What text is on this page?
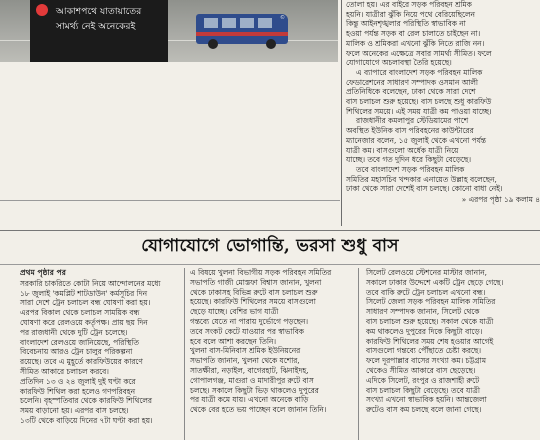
আকাশপথে যাতায়াতের
সামর্থ্য নেই অনেকেরই
©

তোলা হয়। এর বাইরে সড়ক পরিবহন শ্রমিক

হয়নি। যাত্রীরা ঝুঁকি নিয়ে পথে বেরিয়েছিলেন

কিন্তু আইনশৃঙ্খলার পরিস্থিতি স্বাভাবিক না

হওয়া পর্যন্ত সড়ক বা রেল চালাতে চাইছেন না।

মালিক ও শ্রমিকরা এখনো ঝুঁকি নিতে রাজি নন।

ফলে অনেকের এক্ষেত্রে সবার সামর্থ্য সীমিত। ফলে

যোগাযোগে অচলাবস্থা তৈরি হয়েছে।

এ ব্যাপারে বাংলাদেশ সড়ক পরিবহন মালিক

ফেডারেশনের সাধারণ সম্পাদক ওসমান আলী

প্রতিনিধিকে বলেছেন, ঢাকা থেকে সারা দেশে

বাস চলাচল শুরু হয়েছে। বাস চলছে শুধু কারফিউ

শিথিলের সময়ে। এই সময় যাত্রী কম পাওয়া যাচ্ছে।

রাজধানীর কমলাপুর স্টেডিয়ামের পাশে

অবস্থিত ইউনিক বাস পরিবহনের কাউন্টারের

ম্যানেজার বলেন, ১৫ জুলাই থেকে এখনো পর্যন্ত

যাত্রী কম। বাসগুলো অর্ধেক যাত্রী নিয়ে

যাচ্ছে। তবে গত দুদিন ধরে কিছুটা বেড়েছে।

তবে বাংলাদেশ সড়ক পরিবহন মালিক

সমিতির মহাসচিব খন্দকার এনায়েত উল্লাহ বলেছেন,

ঢাকা থেকে সারা দেশেই বাস চলছে। কোনো বাধা নেই।

» এরপর পৃষ্ঠা ১৯ কলাম ৪

যোগাযোগে ভোগান্তি, ভরসা শুধু বাস

প্রথম পৃষ্ঠার পর

সরকারি চাকরিতে কোটা নিয়ে আন্দোলনের মধ্যে

১৮ জুলাই 'কমপ্লিট শাটডাউন' কর্মসূচির দিন

সারা দেশে ট্রেন চলাচল বন্ধ ঘোষণা করা হয়।

এরপর বিকাল থেকে চলাচল সাময়িক বন্ধ

ঘোষণা করে রেলওয়ে কর্তৃপক্ষ। প্রায় ছয় দিন

পর রাজধানী থেকে দুটি ট্রেন চলেছে।

বাংলাদেশ রেলওয়ে জানিয়েছে, পরিস্থিতি

বিবেচনায় আরও ট্রেন চালুর পরিকল্পনা

রয়েছে। তবে এ মুহূর্তে কারফিউয়ের কারণে

সীমিত আকারে চলাচল করবে।

প্রতিদিন ১৩ ও ২৪ জুলাই দুই ঘণ্টা করে

কারফিউ শিথিল করা হলেও গণপরিবহন

চলেনি। বৃহস্পতিবার থেকে কারফিউ শিথিলের

সময় বাড়ানো হয়। এরপর বাস চলছে।

১৩টি থেকে বাড়িয়ে দিনের ৭টা ঘণ্টা করা হয়।

এ বিষয়ে খুলনা বিভাগীয় সড়ক পরিবহন সমিতির

সভাপতি গাজী মোস্তফা বিশ্বাস জানান, খুলনা

থেকে ঢাকাসহ বিভিন্ন রুটে বাস চলাচল শুরু

হয়েছে। কারফিউ শিথিলের সময়ে বাসগুলো

ছেড়ে যাচ্ছে। বেশির ভাগ যাত্রী

গন্তব্যে যেতে না পারায় দুর্ভোগে পড়ছেন।

তবে সংকট কেটে যাওয়ার পর স্বাভাবিক

হবে বলে আশা করছেন তিনি।

খুলনা বাস-মিনিবাস শ্রমিক ইউনিয়নের

সভাপতি জানান, খুলনা থেকে যশোর,

সাতক্ষীরা, নড়াইল, বাগেরহাট, ঝিনাইদহ,

গোপালগঞ্জ, মাগুরা ও মাদারীপুর রুটে বাস

চলছে। সকালে কিছুটা ভিড় থাকলেও দুপুরের

পর যাত্রী কমে যায়। এখনো অনেকে বাড়ি

থেকে বের হতে ভয় পাচ্ছেন বলে জানান তিনি।

সিলেট রেলওয়ে স্টেশনের মাস্টার জানান,

সকালে ঢাকার উদ্দেশে একটি ট্রেন ছেড়ে গেছে।

তবে বাকি রুটে ট্রেন চলাচল এখনো বন্ধ।

সিলেট জেলা সড়ক পরিবহন মালিক সমিতির

সাধারণ সম্পাদক জানান, সিলেট থেকে

বাস চলাচল শুরু হয়েছে। সকাল থেকে যাত্রী

কম থাকলেও দুপুরের দিকে কিছুটা বাড়ে।

কারফিউ শিথিলের সময় শেষ হওয়ার আগেই

বাসগুলো গন্তব্যে পৌঁছাতে চেষ্টা করছে।

ফলে দূরপাল্লার বাসের সংখ্যা কম। চট্টগ্রাম

থেকেও সীমিত আকারে বাস ছেড়েছে।

এদিকে সিলেট, রংপুর ও রাজশাহী রুটে

বাস চলাচল কিছুটা বেড়েছে। তবে যাত্রী

সংখ্যা এখনো স্বাভাবিক হয়নি। আন্তজেলা

রুটেও বাস কম চলছে বলে জানা গেছে।
